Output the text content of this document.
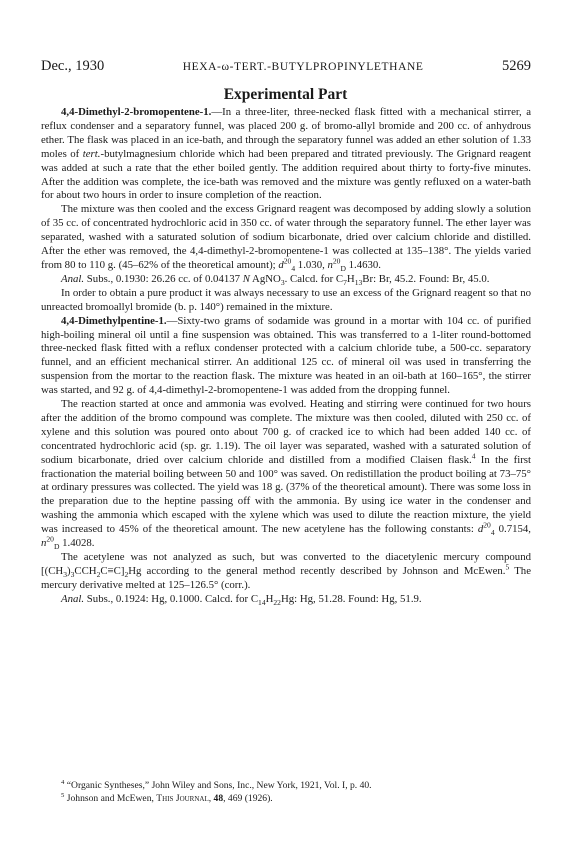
Dec., 1930	HEXA-ω-TERT.-BUTYLPROPINYLETHANE	5269
Experimental Part

4,4-Dimethyl-2-bromopentene-1.—In a three-liter, three-necked flask fitted with a mechanical stirrer, a reflux condenser and a separatory funnel, was placed 200 g. of bromo-allyl bromide and 200 cc. of anhydrous ether. The flask was placed in an ice-bath, and through the separatory funnel was added an ether solution of 1.33 moles of tert.-butylmagnesium chloride which had been prepared and titrated previously. The Grignard reagent was added at such a rate that the ether boiled gently. The addition required about thirty to forty-five minutes. After the addition was complete, the ice-bath was removed and the mixture was gently refluxed on a water-bath for about two hours in order to insure completion of the reaction.

The mixture was then cooled and the excess Grignard reagent was decomposed by adding slowly a solution of 35 cc. of concentrated hydrochloric acid in 350 cc. of water through the separatory funnel. The ether layer was separated, washed with a saturated solution of sodium bicarbonate, dried over calcium chloride and distilled. After the ether was removed, the 4,4-dimethyl-2-bromopentene-1 was collected at 135–138°. The yields varied from 80 to 110 g. (45–62% of the theoretical amount); $d^{20}_4$ 1.030, $n^{20}_D$ 1.4630.

Anal. Subs., 0.1930: 26.26 cc. of 0.04137 N AgNO$_3$. Calcd. for $C_7H_{13}Br$: Br, 45.2. Found: Br, 45.0.

In order to obtain a pure product it was always necessary to use an excess of the Grignard reagent so that no unreacted bromoallyl bromide (b. p. 140°) remained in the mixture.

4,4-Dimethylpentine-1.—Sixty-two grams of sodamide was ground in a mortar with 104 cc. of purified high-boiling mineral oil until a fine suspension was obtained. This was transferred to a 1-liter round-bottomed three-necked flask fitted with a reflux condenser protected with a calcium chloride tube, a 500-cc. separatory funnel, and an efficient mechanical stirrer. An additional 125 cc. of mineral oil was used in transferring the suspension from the mortar to the reaction flask. The mixture was heated in an oil-bath at 160–165°, the stirrer was started, and 92 g. of 4,4-dimethyl-2-bromopentene-1 was added from the dropping funnel.

The reaction started at once and ammonia was evolved. Heating and stirring were continued for two hours after the addition of the bromo compound was complete. The mixture was then cooled, diluted with 250 cc. of xylene and this solution was poured onto about 700 g. of cracked ice to which had been added 140 cc. of concentrated hydrochloric acid (sp. gr. 1.19). The oil layer was separated, washed with a saturated solution of sodium bicarbonate, dried over calcium chloride and distilled from a modified Claisen flask.$^4$ In the first fractionation the material boiling between 50 and 100° was saved. On redistillation the product boiling at 73–75° at ordinary pressures was collected. The yield was 18 g. (37% of the theoretical amount). There was some loss in the preparation due to the heptine passing off with the ammonia. By using ice water in the condenser and washing the ammonia which escaped with the xylene which was used to dilute the reaction mixture, the yield was increased to 45% of the theoretical amount. The new acetylene has the following constants: $d^{20}_4$ 0.7154, $n^{20}_D$ 1.4028.

The acetylene was not analyzed as such, but was converted to the diacetylenic mercury compound $[(CH_3)_3CCH_2C\equiv C]_2Hg$ according to the general method recently described by Johnson and McEwen.$^5$ The mercury derivative melted at 125–126.5° (corr.).

Anal. Subs., 0.1924: Hg, 0.1000. Calcd. for $C_{14}H_{22}Hg$: Hg, 51.28. Found: Hg, 51.9.

$^4$ “Organic Syntheses,” John Wiley and Sons, Inc., New York, 1921, Vol. I, p. 40.

$^5$ Johnson and McEwen, This Journal, 48, 469 (1926).
